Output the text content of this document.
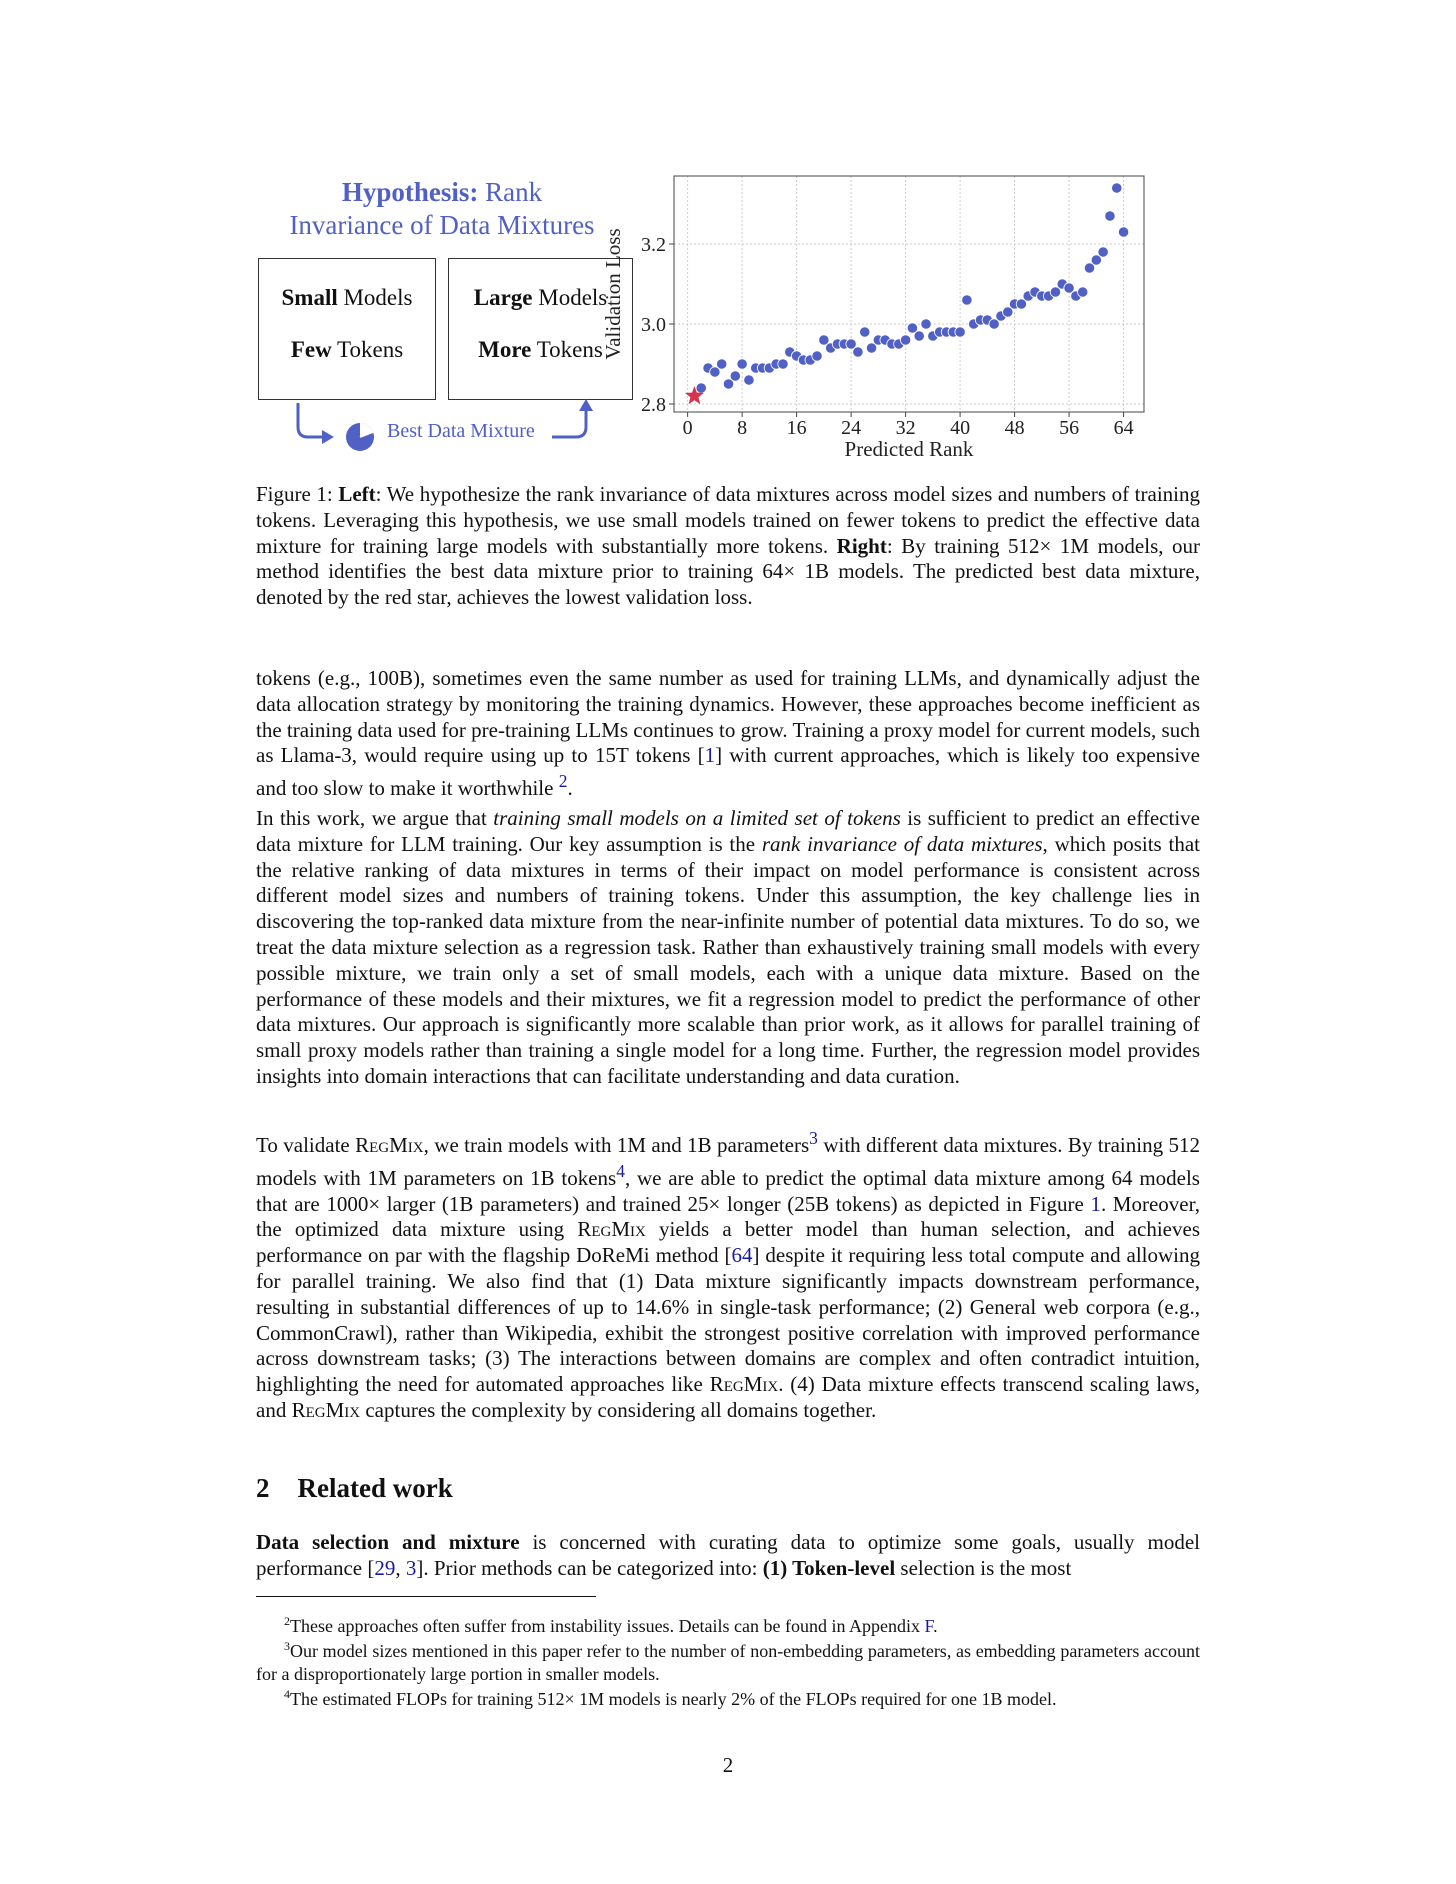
Hypothesis: Rank
Invariance of Data Mixtures
Small Models
Few Tokens
Large Models
More Tokens
Best Data Mixture	0 8 16 24 32 40 48 56 64
2.8
3.0
3.2
Predicted Rank
Validation Loss
Figure 1: Left: We hypothesize the rank invariance of data mixtures across model sizes and numbers of training tokens. Leveraging this hypothesis, we use small models trained on fewer tokens to predict the effective data mixture for training large models with substantially more tokens. Right: By training 512× 1M models, our method identifies the best data mixture prior to training 64× 1B models. The predicted best data mixture, denoted by the red star, achieves the lowest validation loss.

tokens (e.g., 100B), sometimes even the same number as used for training LLMs, and dynamically adjust the data allocation strategy by monitoring the training dynamics. However, these approaches become inefficient as the training data used for pre-training LLMs continues to grow. Training a proxy model for current models, such as Llama-3, would require using up to 15T tokens [1] with current approaches, which is likely too expensive and too slow to make it worthwhile $^2$.

In this work, we argue that training small models on a limited set of tokens is sufficient to predict an effective data mixture for LLM training. Our key assumption is the rank invariance of data mixtures, which posits that the relative ranking of data mixtures in terms of their impact on model performance is consistent across different model sizes and numbers of training tokens. Under this assumption, the key challenge lies in discovering the top-ranked data mixture from the near-infinite number of potential data mixtures. To do so, we treat the data mixture selection as a regression task. Rather than exhaustively training small models with every possible mixture, we train only a set of small models, each with a unique data mixture. Based on the performance of these models and their mixtures, we fit a regression model to predict the performance of other data mixtures. Our approach is significantly more scalable than prior work, as it allows for parallel training of small proxy models rather than training a single model for a long time. Further, the regression model provides insights into domain interactions that can facilitate understanding and data curation.

To validate RegMix, we train models with 1M and 1B parameters$^3$ with different data mixtures. By training 512 models with 1M parameters on 1B tokens$^4$, we are able to predict the optimal data mixture among 64 models that are 1000× larger (1B parameters) and trained 25× longer (25B tokens) as depicted in Figure 1. Moreover, the optimized data mixture using RegMix yields a better model than human selection, and achieves performance on par with the flagship DoReMi method [64] despite it requiring less total compute and allowing for parallel training. We also find that (1) Data mixture significantly impacts downstream performance, resulting in substantial differences of up to 14.6% in single-task performance; (2) General web corpora (e.g., CommonCrawl), rather than Wikipedia, exhibit the strongest positive correlation with improved performance across downstream tasks; (3) The interactions between domains are complex and often contradict intuition, highlighting the need for automated approaches like RegMix. (4) Data mixture effects transcend scaling laws, and RegMix captures the complexity by considering all domains together.

2 Related work

Data selection and mixture is concerned with curating data to optimize some goals, usually model performance [29, 3]. Prior methods can be categorized into: (1) Token-level selection is the most

$^2$These approaches often suffer from instability issues. Details can be found in Appendix F.
$^3$Our model sizes mentioned in this paper refer to the number of non-embedding parameters, as embedding parameters account for a disproportionately large portion in smaller models.
$^4$The estimated FLOPs for training 512× 1M models is nearly 2% of the FLOPs required for one 1B model.
2
